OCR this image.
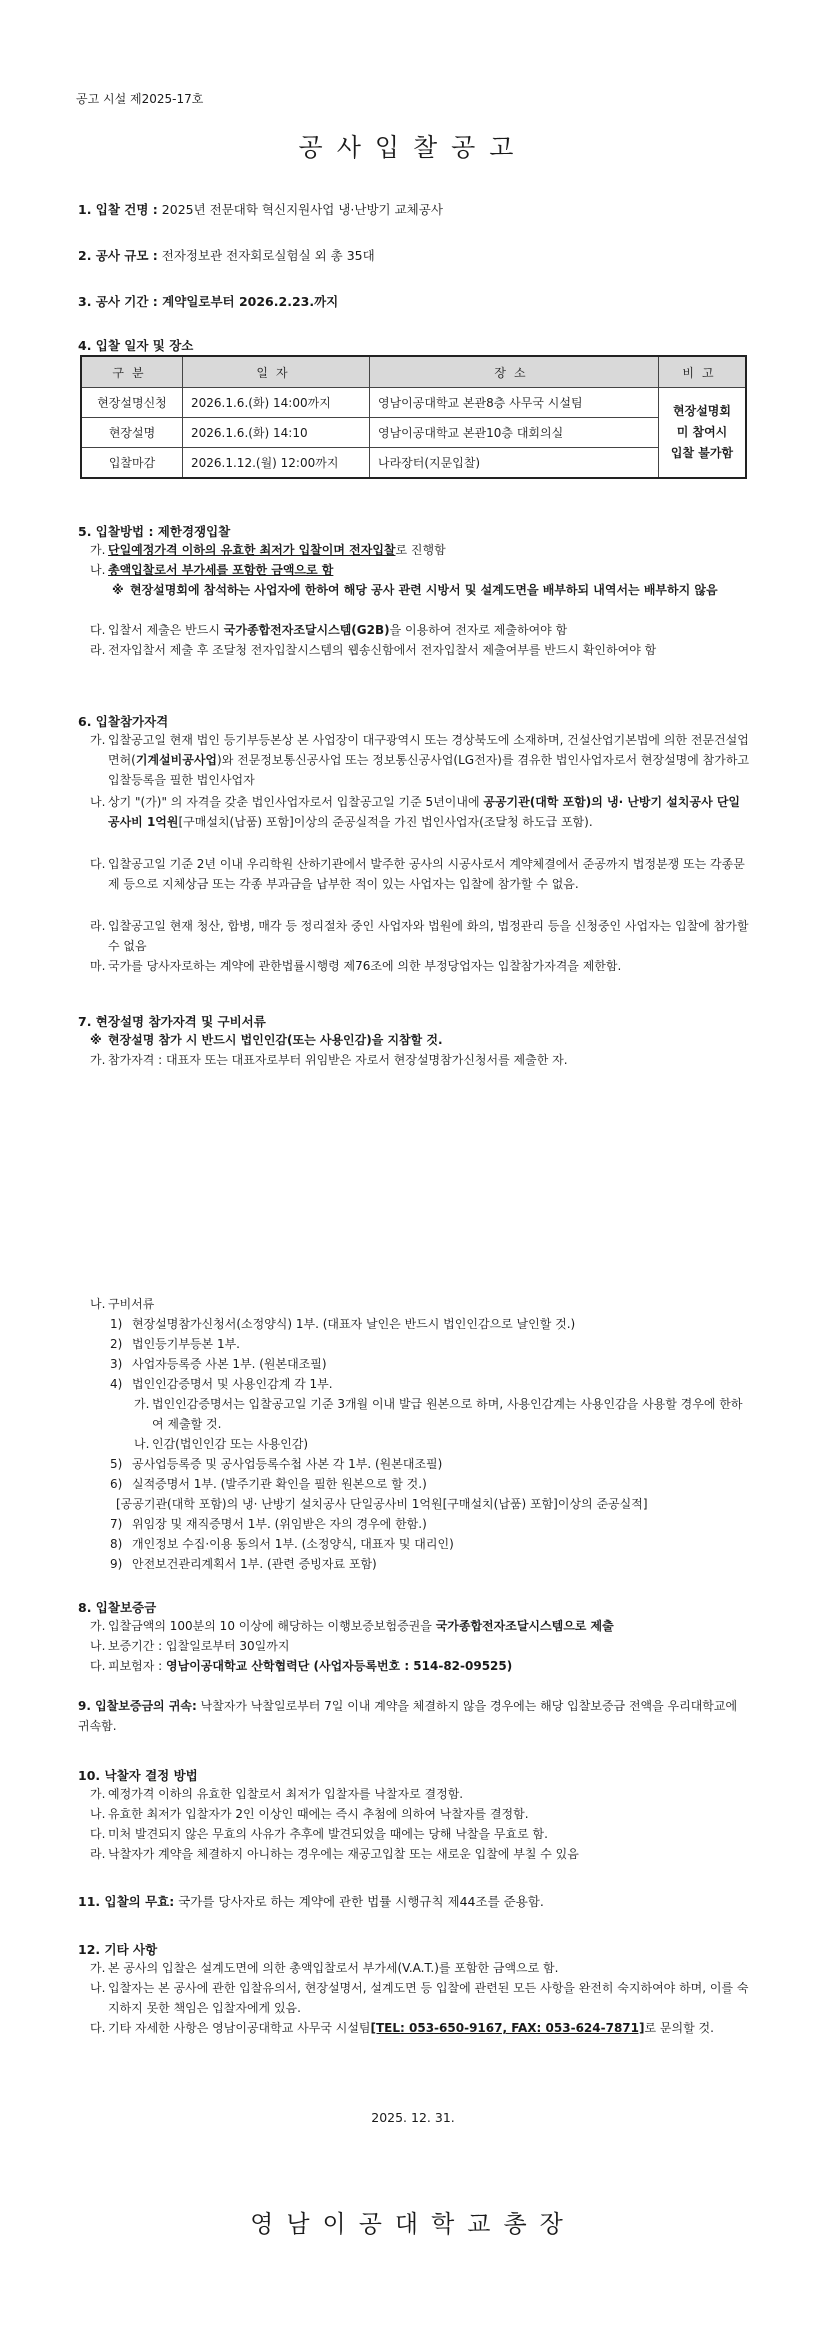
공고 시설 제2025-17호
공사입찰공고
1. 입찰 건명 : 2025년 전문대학 혁신지원사업 냉·난방기 교체공사
2. 공사 규모 : 전자정보관 전자회로실험실 외 총 35대
3. 공사 기간 : 계약일로부터 2026.2.23.까지
4. 입찰 일자 및 장소
구분	일자	장소	비고
현장설명신청	2026.1.6.(화) 14:00까지	영남이공대학교 본관8층 사무국 시설팀	현장설명회
미 참여시
입찰 불가함

현장설명	2026.1.6.(화) 14:10	영남이공대학교 본관10층 대회의실	
입찰마감	2026.1.12.(월) 12:00까지	나라장터(지문입찰)	
5. 입찰방법 : 제한경쟁입찰
가. 단일예정가격 이하의 유효한 최저가 입찰이며 전자입찰로 진행함
나. 총액입찰로서 부가세를 포함한 금액으로 함
※ 현장설명회에 참석하는 사업자에 한하여 해당 공사 관련 시방서 및 설계도면을 배부하되 내역서는 배부하지 않음
다. 입찰서 제출은 반드시 국가종합전자조달시스템(G2B)을 이용하여 전자로 제출하여야 함
라. 전자입찰서 제출 후 조달청 전자입찰시스템의 웹송신함에서 전자입찰서 제출여부를 반드시 확인하여야 함
6. 입찰참가자격
가. 입찰공고일 현재 법인 등기부등본상 본 사업장이 대구광역시 또는 경상북도에 소재하며, 건설산업기본법에 의한 전문건설업 면허(기계설비공사업)와 전문정보통신공사업 또는 정보통신공사업(LG전자)를 겸유한 법인사업자로서 현장설명에 참가하고 입찰등록을 필한 법인사업자
나. 상기 "(가)" 의 자격을 갖춘 법인사업자로서 입찰공고일 기준 5년이내에 공공기관(대학 포함)의 냉· 난방기 설치공사 단일공사비 1억원[구매설치(납품) 포함]이상의 준공실적을 가진 법인사업자(조달청 하도급 포함).
다. 입찰공고일 기준 2년 이내 우리학원 산하기관에서 발주한 공사의 시공사로서 계약체결에서 준공까지 법정분쟁 또는 각종문제 등으로 지체상금 또는 각종 부과금을 납부한 적이 있는 사업자는 입찰에 참가할 수 없음.
라. 입찰공고일 현재 청산, 합병, 매각 등 정리절차 중인 사업자와 법원에 화의, 법정관리 등을 신청중인 사업자는 입찰에 참가할 수 없음
마. 국가를 당사자로하는 계약에 관한법률시행령 제76조에 의한 부정당업자는 입찰참가자격을 제한함.
7. 현장설명 참가자격 및 구비서류
※ 현장설명 참가 시 반드시 법인인감(또는 사용인감)을 지참할 것.
가. 참가자격 : 대표자 또는 대표자로부터 위임받은 자로서 현장설명참가신청서를 제출한 자.
나. 구비서류
1) 현장설명참가신청서(소정양식) 1부. (대표자 날인은 반드시 법인인감으로 날인할 것.)
2) 법인등기부등본 1부.
3) 사업자등록증 사본 1부. (원본대조필)
4) 법인인감증명서 및 사용인감계 각 1부.
가. 법인인감증명서는 입찰공고일 기준 3개월 이내 발급 원본으로 하며, 사용인감계는 사용인감을 사용할 경우에 한하여 제출할 것.
나. 인감(법인인감 또는 사용인감)
5) 공사업등록증 및 공사업등록수첩 사본 각 1부. (원본대조필)
6) 실적증명서 1부. (발주기관 확인을 필한 원본으로 할 것.)
[공공기관(대학 포함)의 냉· 난방기 설치공사 단일공사비 1억원[구매설치(납품) 포함]이상의 준공실적]
7) 위임장 및 재직증명서 1부. (위임받은 자의 경우에 한함.)
8) 개인정보 수집·이용 동의서 1부. (소정양식, 대표자 및 대리인)
9) 안전보건관리계획서 1부. (관련 증빙자료 포함)
8. 입찰보증금
가. 입찰금액의 100분의 10 이상에 해당하는 이행보증보험증권을 국가종합전자조달시스템으로 제출
나. 보증기간 : 입찰일로부터 30일까지
다. 피보험자 : 영남이공대학교 산학협력단 (사업자등록번호 : 514-82-09525)
9. 입찰보증금의 귀속: 낙찰자가 낙찰일로부터 7일 이내 계약을 체결하지 않을 경우에는 해당 입찰보증금 전액을 우리대학교에 귀속함.
10. 낙찰자 결정 방법
가. 예정가격 이하의 유효한 입찰로서 최저가 입찰자를 낙찰자로 결정함.
나. 유효한 최저가 입찰자가 2인 이상인 때에는 즉시 추첨에 의하여 낙찰자를 결정함.
다. 미처 발견되지 않은 무효의 사유가 추후에 발견되었을 때에는 당해 낙찰을 무효로 함.
라. 낙찰자가 계약을 체결하지 아니하는 경우에는 재공고입찰 또는 새로운 입찰에 부칠 수 있음
11. 입찰의 무효: 국가를 당사자로 하는 계약에 관한 법률 시행규칙 제44조를 준용함.
12. 기타 사항
가. 본 공사의 입찰은 설계도면에 의한 총액입찰로서 부가세(V.A.T.)를 포함한 금액으로 함.
나. 입찰자는 본 공사에 관한 입찰유의서, 현장설명서, 설계도면 등 입찰에 관련된 모든 사항을 완전히 숙지하여야 하며, 이를 숙지하지 못한 책임은 입찰자에게 있음.
다. 기타 자세한 사항은 영남이공대학교 사무국 시설팀[TEL: 053-650-9167, FAX: 053-624-7871]로 문의할 것.
2025. 12. 31.
영남이공대학교총장
